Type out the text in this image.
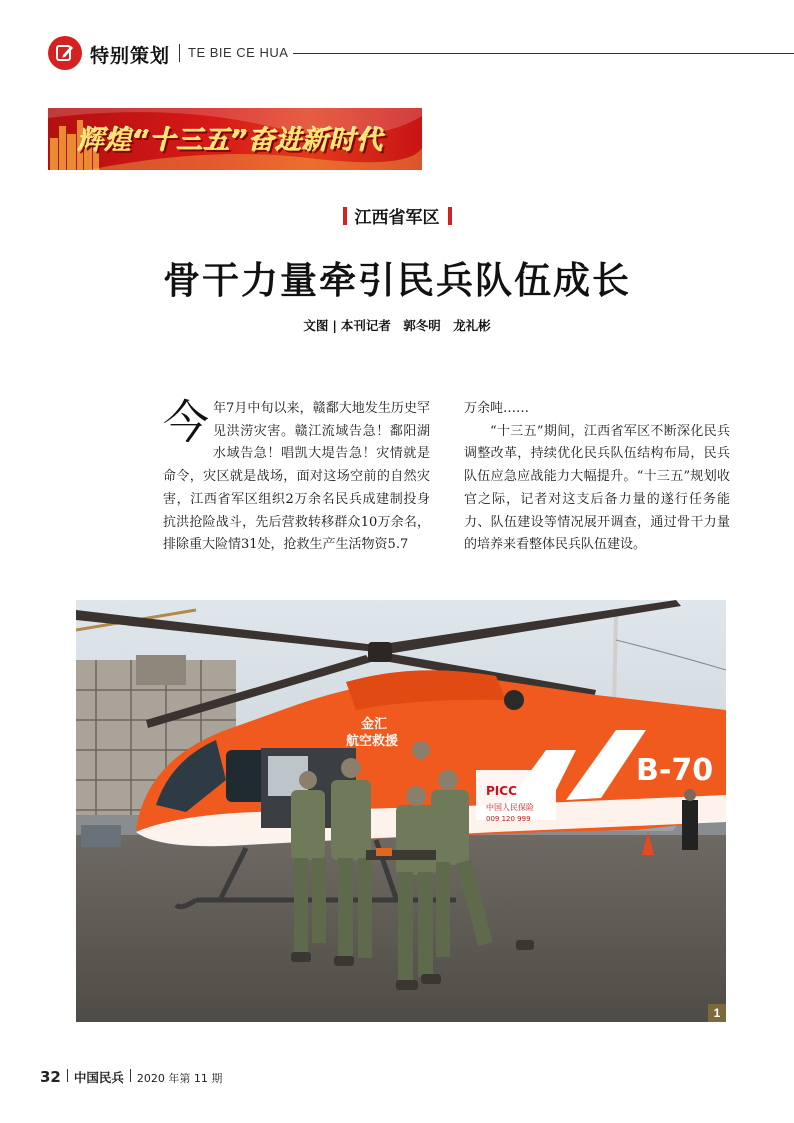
特别策划 TE BIE CE HUA
辉煌“十三五”奋进新时代
江西省军区
骨干力量牵引民兵队伍成长
文图 | 本刊记者 郭冬明 龙礼彬
今年7月中旬以来，赣鄱大地发生历史罕见洪涝灾害。赣江流域告急！鄱阳湖水域告急！唱凯大堤告急！灾情就是命令，灾区就是战场，面对这场空前的自然灾害，江西省军区组织2万余名民兵成建制投身抗洪抢险战斗，先后营救转移群众10万余名，排除重大险情31处，抢救生产生活物资5.7
万余吨……
“十三五”期间，江西省军区不断深化民兵调整改革，持续优化民兵队伍结构布局，民兵队伍应急应战能力大幅提升。“十三五”规划收官之际，记者对这支后备力量的遂行任务能力、队伍建设等情况展开调查，通过骨干力量的培养来看整体民兵队伍建设。
金汇
航空救援
B-70
PICC
中国人民保险
009 120 999
1
32 中国民兵 2020 年第 11 期
